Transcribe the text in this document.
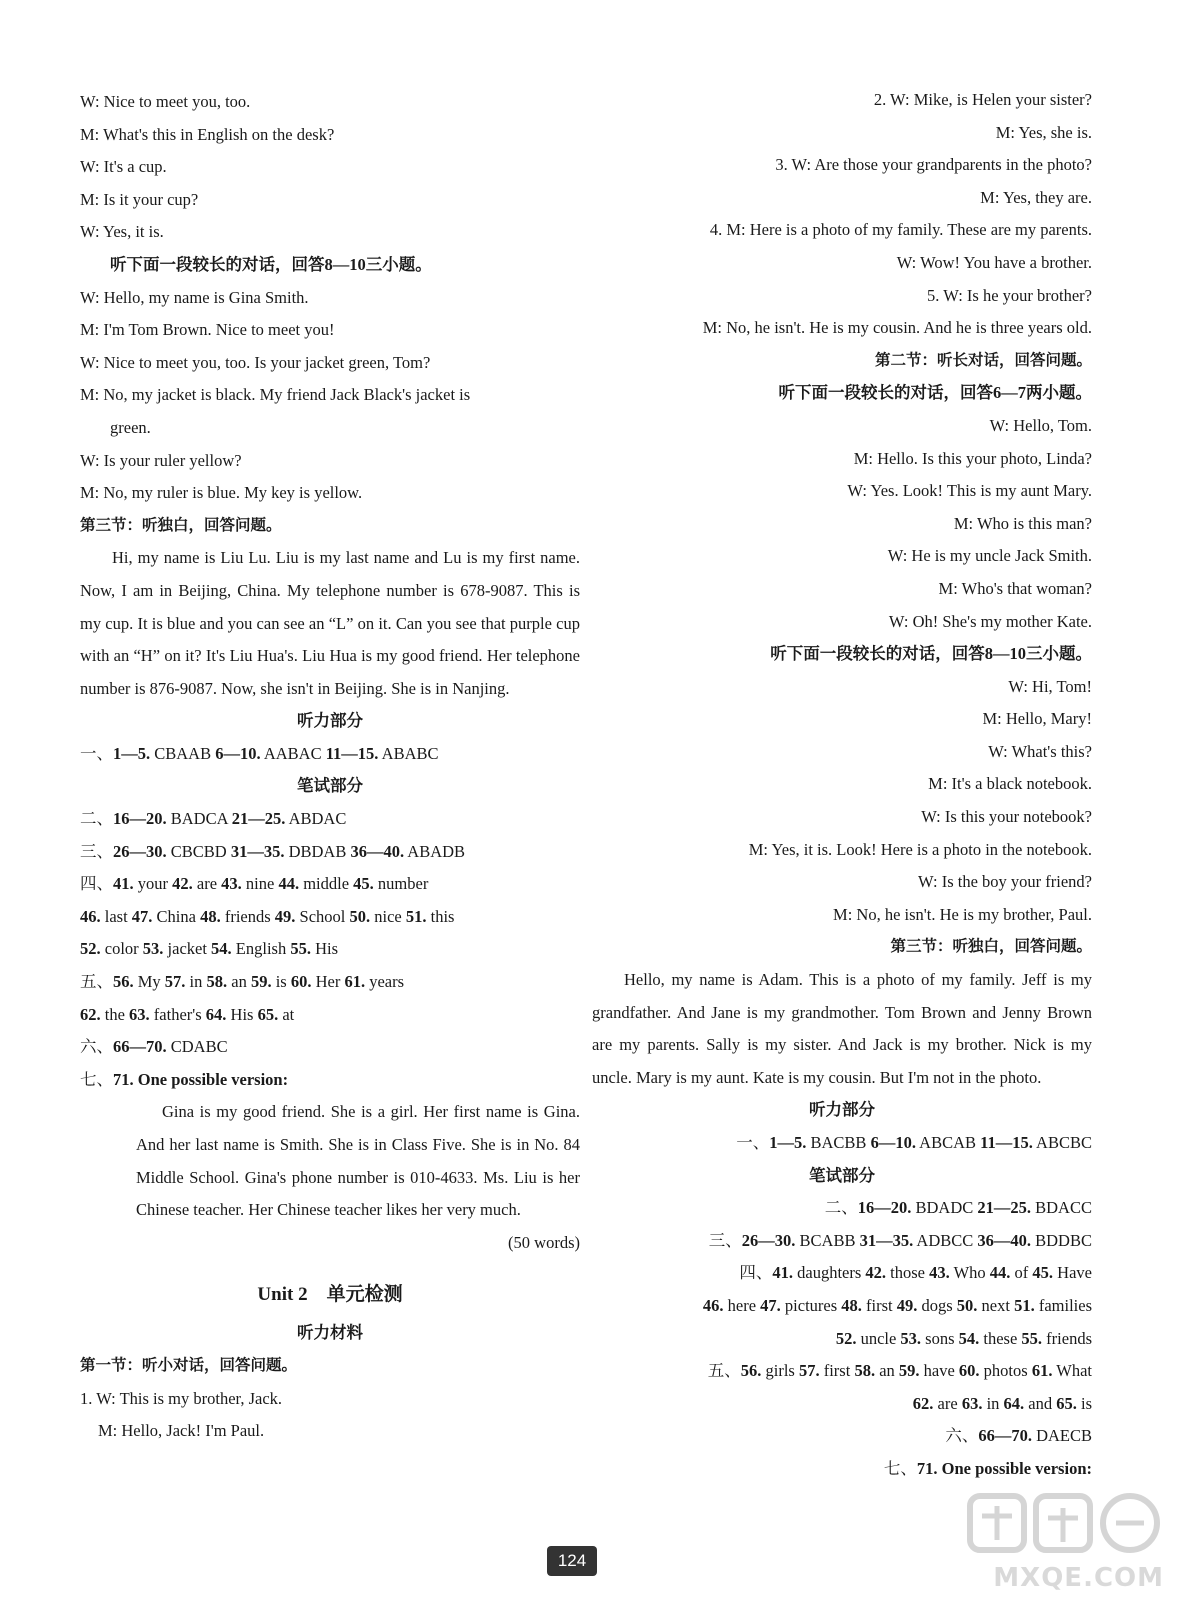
W: Nice to meet you, too.
M: What's this in English on the desk?
W: It's a cup.
M: Is it your cup?
W: Yes, it is.
听下面一段较长的对话，回答8—10三小题。
W: Hello, my name is Gina Smith.
M: I'm Tom Brown. Nice to meet you!
W: Nice to meet you, too. Is your jacket green, Tom?
M: No, my jacket is black. My friend Jack Black's jacket is
green.
W: Is your ruler yellow?
M: No, my ruler is blue. My key is yellow.
第三节：听独白，回答问题。
Hi, my name is Liu Lu. Liu is my last name and Lu is my first name. Now, I am in Beijing, China. My telephone number is 678-9087. This is my cup. It is blue and you can see an “L” on it. Can you see that purple cup with an “H” on it? It's Liu Hua's. Liu Hua is my good friend. Her telephone number is 876-9087. Now, she isn't in Beijing. She is in Nanjing.
听力部分
一、1—5. CBAAB 6—10. AABAC 11—15. ABABC
笔试部分
二、16—20. BADCA 21—25. ABDAC
三、26—30. CBCBD 31—35. DBDAB 36—40. ABADB
四、41. your 42. are 43. nine 44. middle 45. number
46. last 47. China 48. friends 49. School 50. nice 51. this
52. color 53. jacket 54. English 55. His
五、56. My 57. in 58. an 59. is 60. Her 61. years
62. the 63. father's 64. His 65. at
六、66—70. CDABC
七、71. One possible version:
Gina is my good friend. She is a girl. Her first name is Gina. And her last name is Smith. She is in Class Five. She is in No. 84 Middle School. Gina's phone number is 010-4633. Ms. Liu is her Chinese teacher. Her Chinese teacher likes her very much.
(50 words)
Unit 2　单元检测
听力材料
第一节：听小对话，回答问题。
1. W: This is my brother, Jack.
M: Hello, Jack! I'm Paul.
2. W: Mike, is Helen your sister?
M: Yes, she is.
3. W: Are those your grandparents in the photo?
M: Yes, they are.
4. M: Here is a photo of my family. These are my parents.
W: Wow! You have a brother.
5. W: Is he your brother?
M: No, he isn't. He is my cousin. And he is three years old.
第二节：听长对话，回答问题。
听下面一段较长的对话，回答6—7两小题。
W: Hello, Tom.
M: Hello. Is this your photo, Linda?
W: Yes. Look! This is my aunt Mary.
M: Who is this man?
W: He is my uncle Jack Smith.
M: Who's that woman?
W: Oh! She's my mother Kate.
听下面一段较长的对话，回答8—10三小题。
W: Hi, Tom!
M: Hello, Mary!
W: What's this?
M: It's a black notebook.
W: Is this your notebook?
M: Yes, it is. Look! Here is a photo in the notebook.
W: Is the boy your friend?
M: No, he isn't. He is my brother, Paul.
第三节：听独白，回答问题。
Hello, my name is Adam. This is a photo of my family. Jeff is my grandfather. And Jane is my grandmother. Tom Brown and Jenny Brown are my parents. Sally is my sister. And Jack is my brother. Nick is my uncle. Mary is my aunt. Kate is my cousin. But I'm not in the photo.
听力部分
一、1—5. BACBB 6—10. ABCAB 11—15. ABCBC
笔试部分
二、16—20. BDADC 21—25. BDACC
三、26—30. BCABB 31—35. ADBCC 36—40. BDDBC
四、41. daughters 42. those 43. Who 44. of 45. Have
46. here 47. pictures 48. first 49. dogs 50. next 51. families
52. uncle 53. sons 54. these 55. friends
五、56. girls 57. first 58. an 59. have 60. photos 61. What
62. are 63. in 64. and 65. is
六、66—70. DAECB
七、71. One possible version:
124
MXQE.COM
